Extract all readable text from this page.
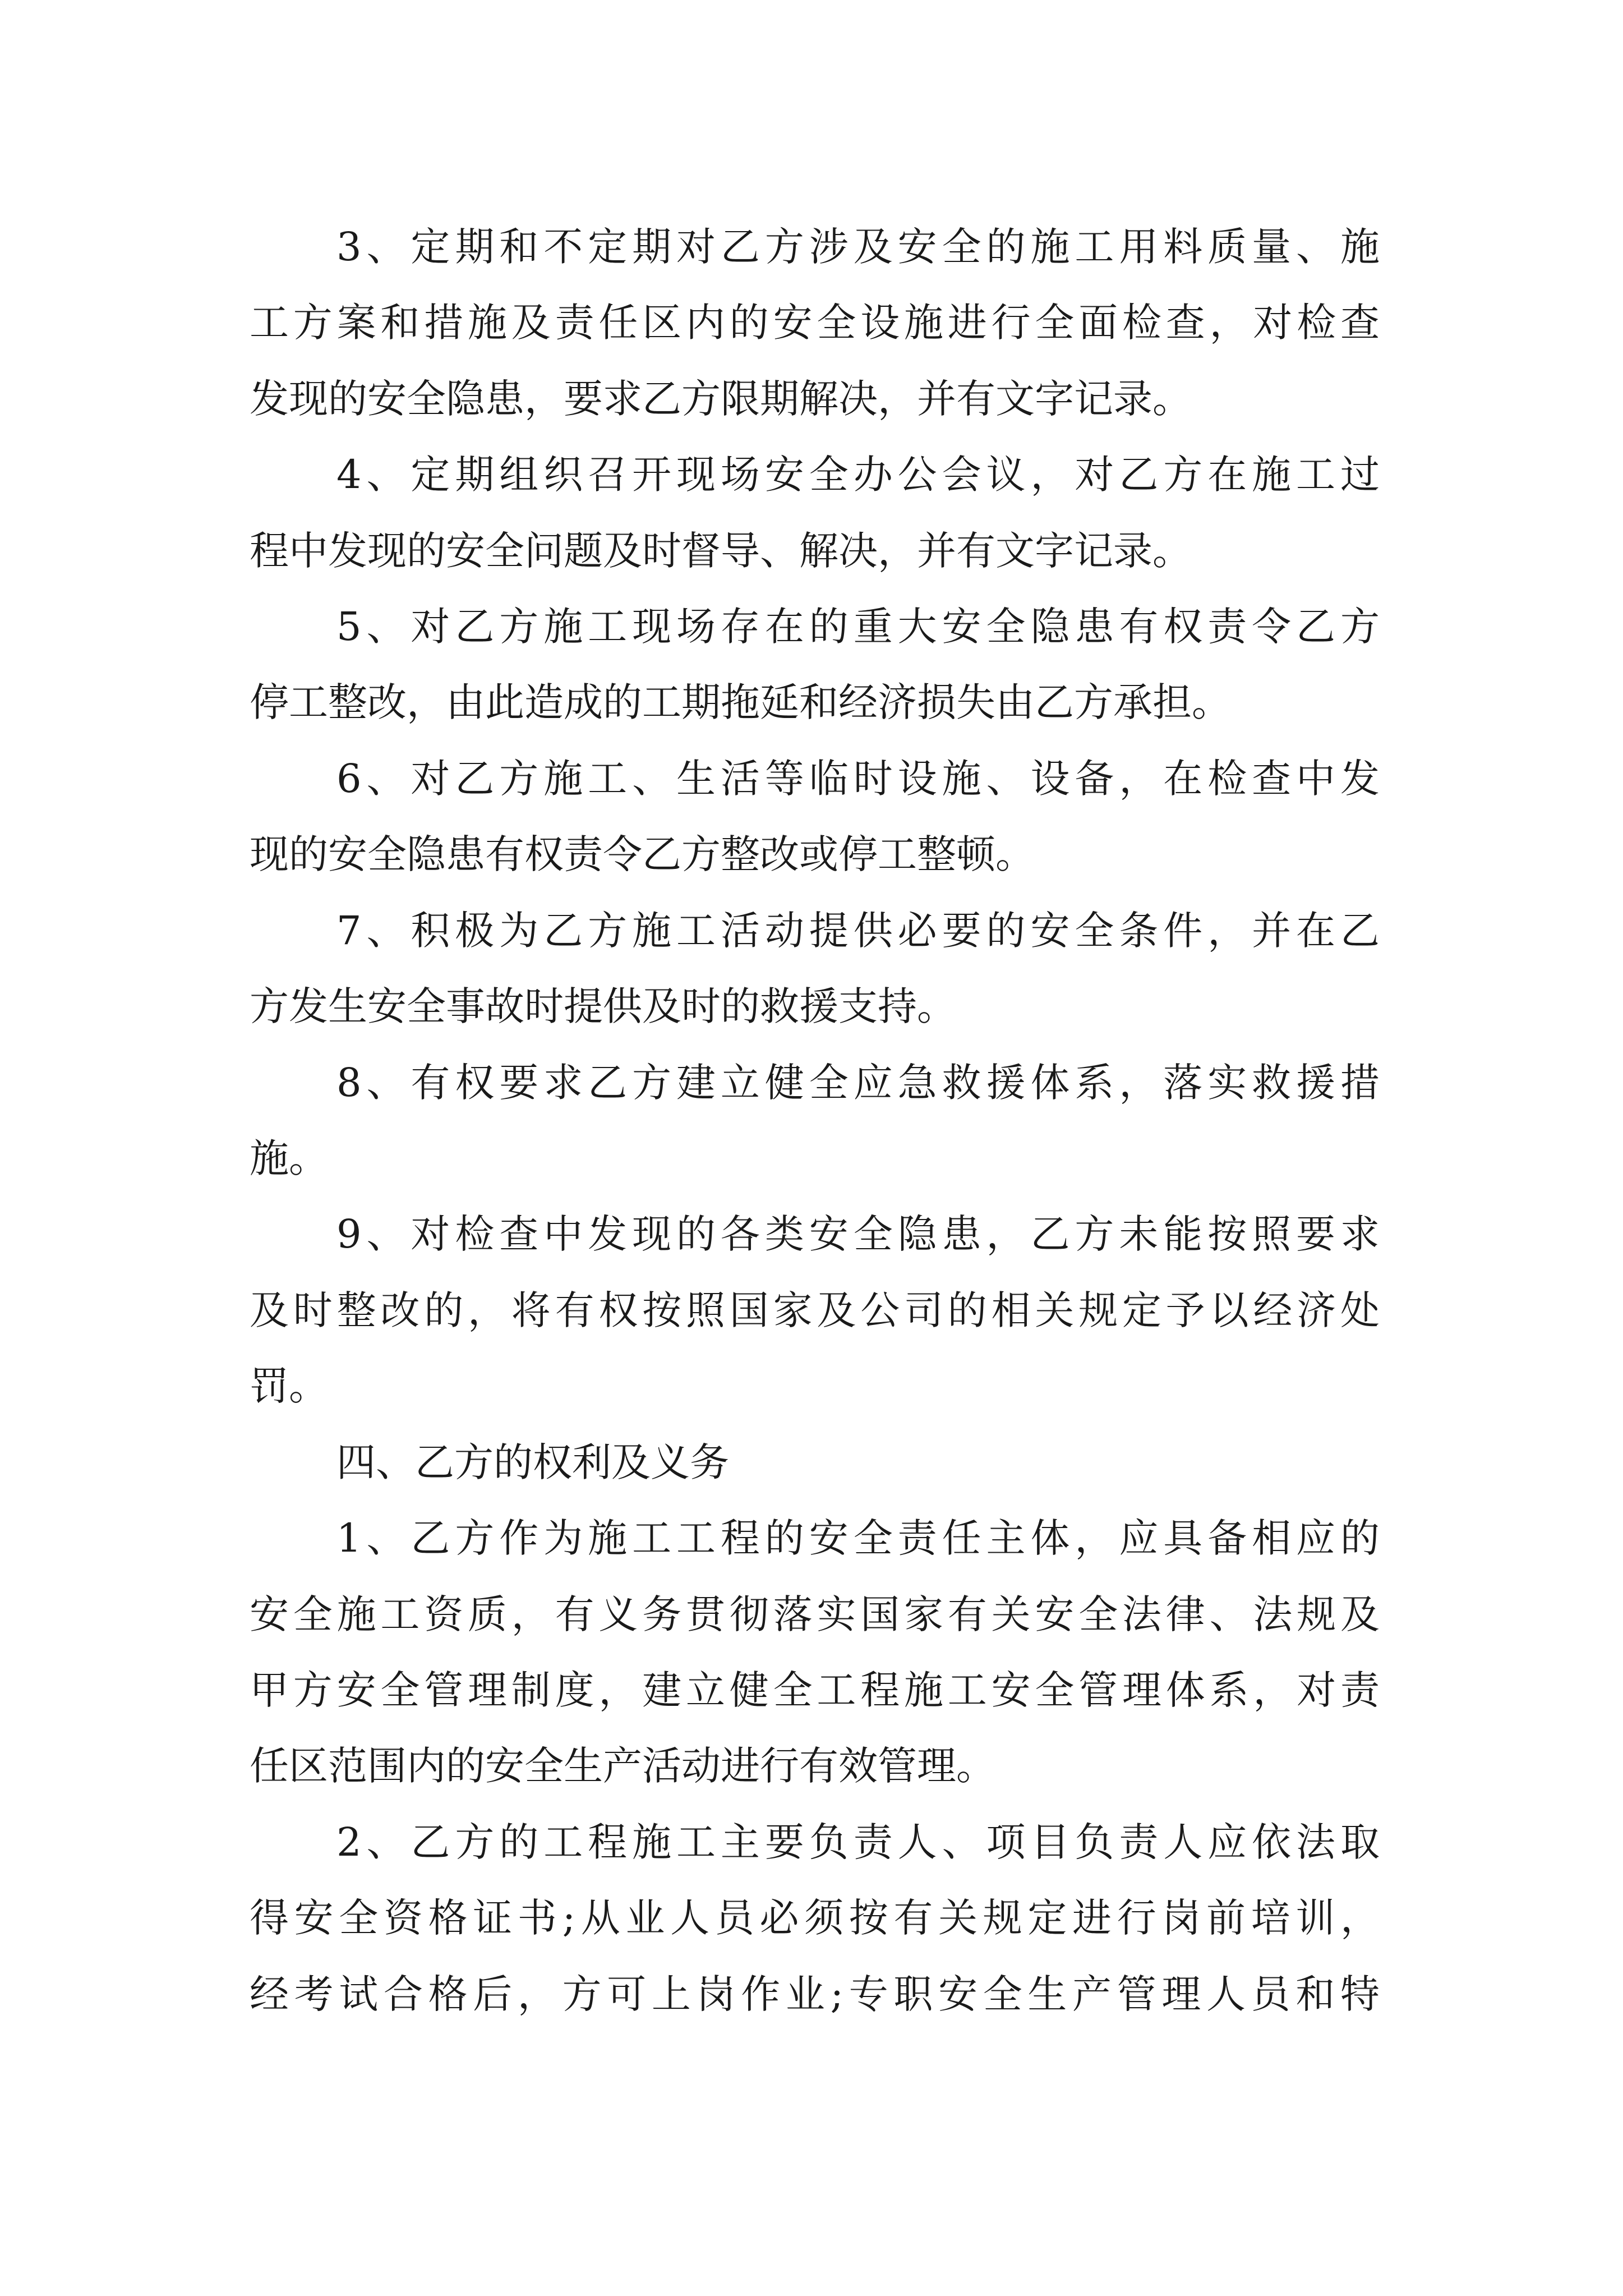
3、定期和不定期对乙方涉及安全的施工用料质量、施
工方案和措施及责任区内的安全设施进行全面检查，对检查
发现的安全隐患，要求乙方限期解决，并有文字记录。
4、定期组织召开现场安全办公会议，对乙方在施工过
程中发现的安全问题及时督导、解决，并有文字记录。
5、对乙方施工现场存在的重大安全隐患有权责令乙方
停工整改，由此造成的工期拖延和经济损失由乙方承担。
6、对乙方施工、生活等临时设施、设备，在检查中发
现的安全隐患有权责令乙方整改或停工整顿。
7、积极为乙方施工活动提供必要的安全条件，并在乙
方发生安全事故时提供及时的救援支持。
8、有权要求乙方建立健全应急救援体系，落实救援措
施。
9、对检查中发现的各类安全隐患，乙方未能按照要求
及时整改的，将有权按照国家及公司的相关规定予以经济处
罚。
四、乙方的权利及义务
1、乙方作为施工工程的安全责任主体，应具备相应的
安全施工资质，有义务贯彻落实国家有关安全法律、法规及
甲方安全管理制度，建立健全工程施工安全管理体系，对责
任区范围内的安全生产活动进行有效管理。
2、乙方的工程施工主要负责人、项目负责人应依法取
得安全资格证书;从业人员必须按有关规定进行岗前培训，
经考试合格后，方可上岗作业;专职安全生产管理人员和特
